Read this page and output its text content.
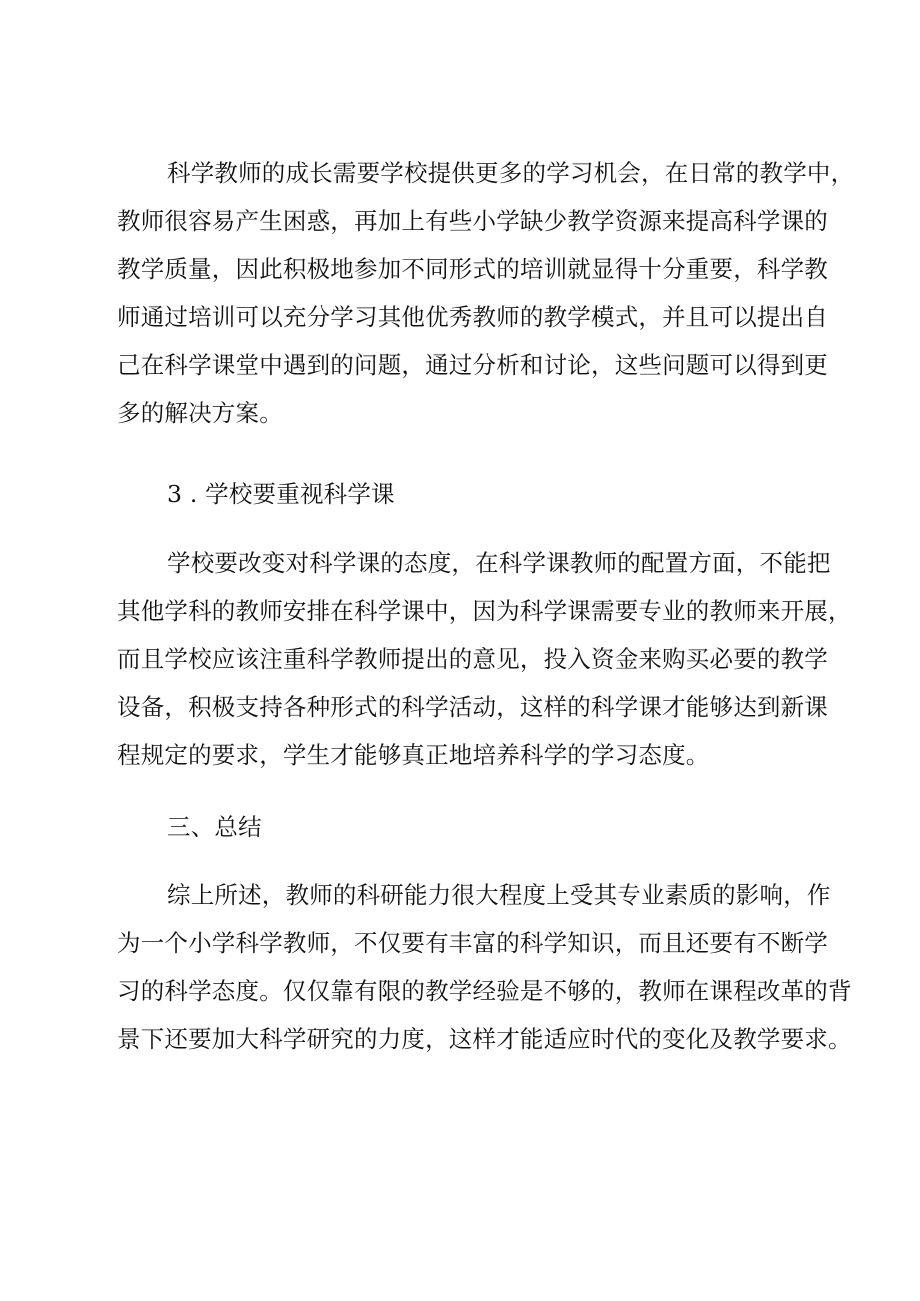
科学教师的成长需要学校提供更多的学习机会，在日常的教学中，
教师很容易产生困惑，再加上有些小学缺少教学资源来提高科学课的
教学质量，因此积极地参加不同形式的培训就显得十分重要，科学教
师通过培训可以充分学习其他优秀教师的教学模式，并且可以提出自
己在科学课堂中遇到的问题，通过分析和讨论，这些问题可以得到更
多的解决方案。
3 . 学校要重视科学课
学校要改变对科学课的态度，在科学课教师的配置方面，不能把
其他学科的教师安排在科学课中，因为科学课需要专业的教师来开展，
而且学校应该注重科学教师提出的意见，投入资金来购买必要的教学
设备，积极支持各种形式的科学活动，这样的科学课才能够达到新课
程规定的要求，学生才能够真正地培养科学的学习态度。
三、总结
综上所述，教师的科研能力很大程度上受其专业素质的影响，作
为一个小学科学教师，不仅要有丰富的科学知识，而且还要有不断学
习的科学态度。仅仅靠有限的教学经验是不够的，教师在课程改革的背
景下还要加大科学研究的力度，这样才能适应时代的变化及教学要求。
